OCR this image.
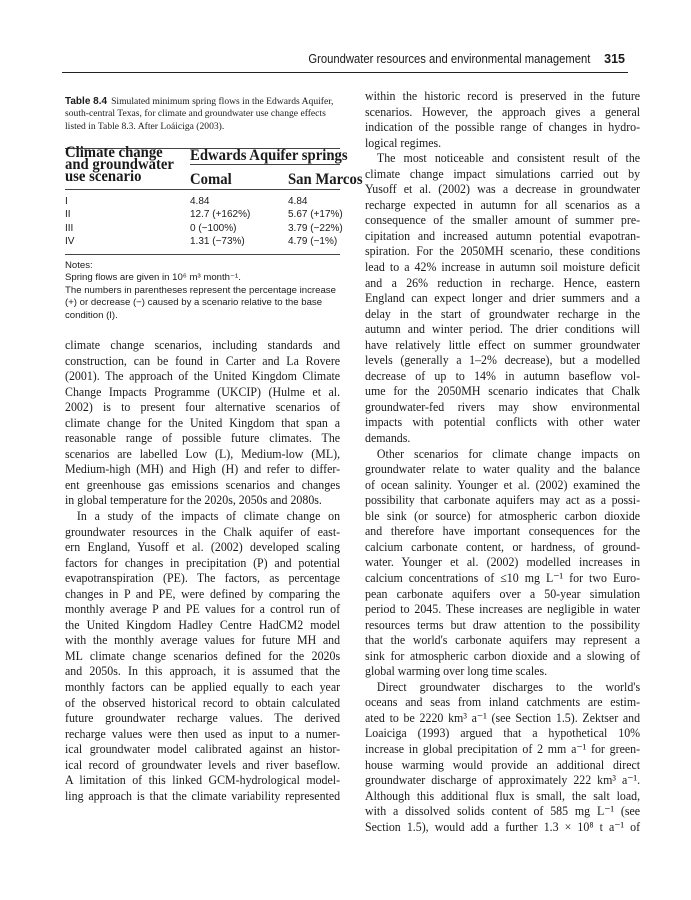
Groundwater resources and environmental management 315
Table 8.4 Simulated minimum spring flows in the Edwards Aquifer, south-central Texas, for climate and groundwater use change effects listed in Table 8.3. After Loáiciga (2003).
Climate change
and groundwater
use scenario
Edwards Aquifer springs
Comal	San Marcos
I	4.84	4.84
II	12.7 (+162%)	5.67 (+17%)
III	0 (−100%)	3.79 (−22%)
IV	1.31 (−73%)	4.79 (−1%)
Notes:
Spring flows are given in 10⁶ m³ month⁻¹.
The numbers in parentheses represent the percentage increase
(+) or decrease (−) caused by a scenario relative to the base
condition (I).
climate change scenarios, including standards and
construction, can be found in Carter and La Rovere
(2001). The approach of the United Kingdom Climate
Change Impacts Programme (UKCIP) (Hulme et al.
2002) is to present four alternative scenarios of
climate change for the United Kingdom that span a
reasonable range of possible future climates. The
scenarios are labelled Low (L), Medium-low (ML),
Medium-high (MH) and High (H) and refer to differ-
ent greenhouse gas emissions scenarios and changes
in global temperature for the 2020s, 2050s and 2080s.
In a study of the impacts of climate change on
groundwater resources in the Chalk aquifer of east-
ern England, Yusoff et al. (2002) developed scaling
factors for changes in precipitation (P) and potential
evapotranspiration (PE). The factors, as percentage
changes in P and PE, were defined by comparing the
monthly average P and PE values for a control run of
the United Kingdom Hadley Centre HadCM2 model
with the monthly average values for future MH and
ML climate change scenarios defined for the 2020s
and 2050s. In this approach, it is assumed that the
monthly factors can be applied equally to each year
of the observed historical record to obtain calculated
future groundwater recharge values. The derived
recharge values were then used as input to a numer-
ical groundwater model calibrated against an histor-
ical record of groundwater levels and river baseflow.
A limitation of this linked GCM-hydrological model-
ling approach is that the climate variability represented
within the historic record is preserved in the future
scenarios. However, the approach gives a general
indication of the possible range of changes in hydro-
logical regimes.
The most noticeable and consistent result of the
climate change impact simulations carried out by
Yusoff et al. (2002) was a decrease in groundwater
recharge expected in autumn for all scenarios as a
consequence of the smaller amount of summer pre-
cipitation and increased autumn potential evapotran-
spiration. For the 2050MH scenario, these conditions
lead to a 42% increase in autumn soil moisture deficit
and a 26% reduction in recharge. Hence, eastern
England can expect longer and drier summers and a
delay in the start of groundwater recharge in the
autumn and winter period. The drier conditions will
have relatively little effect on summer groundwater
levels (generally a 1–2% decrease), but a modelled
decrease of up to 14% in autumn baseflow vol-
ume for the 2050MH scenario indicates that Chalk
groundwater-fed rivers may show environmental
impacts with potential conflicts with other water
demands.
Other scenarios for climate change impacts on
groundwater relate to water quality and the balance
of ocean salinity. Younger et al. (2002) examined the
possibility that carbonate aquifers may act as a possi-
ble sink (or source) for atmospheric carbon dioxide
and therefore have important consequences for the
calcium carbonate content, or hardness, of ground-
water. Younger et al. (2002) modelled increases in
calcium concentrations of ≤10 mg L⁻¹ for two Euro-
pean carbonate aquifers over a 50-year simulation
period to 2045. These increases are negligible in water
resources terms but draw attention to the possibility
that the world's carbonate aquifers may represent a
sink for atmospheric carbon dioxide and a slowing of
global warming over long time scales.
Direct groundwater discharges to the world's
oceans and seas from inland catchments are estim-
ated to be 2220 km³ a⁻¹ (see Section 1.5). Zektser and
Loaiciga (1993) argued that a hypothetical 10%
increase in global precipitation of 2 mm a⁻¹ for green-
house warming would provide an additional direct
groundwater discharge of approximately 222 km³ a⁻¹.
Although this additional flux is small, the salt load,
with a dissolved solids content of 585 mg L⁻¹ (see
Section 1.5), would add a further 1.3 × 10⁸ t a⁻¹ of
